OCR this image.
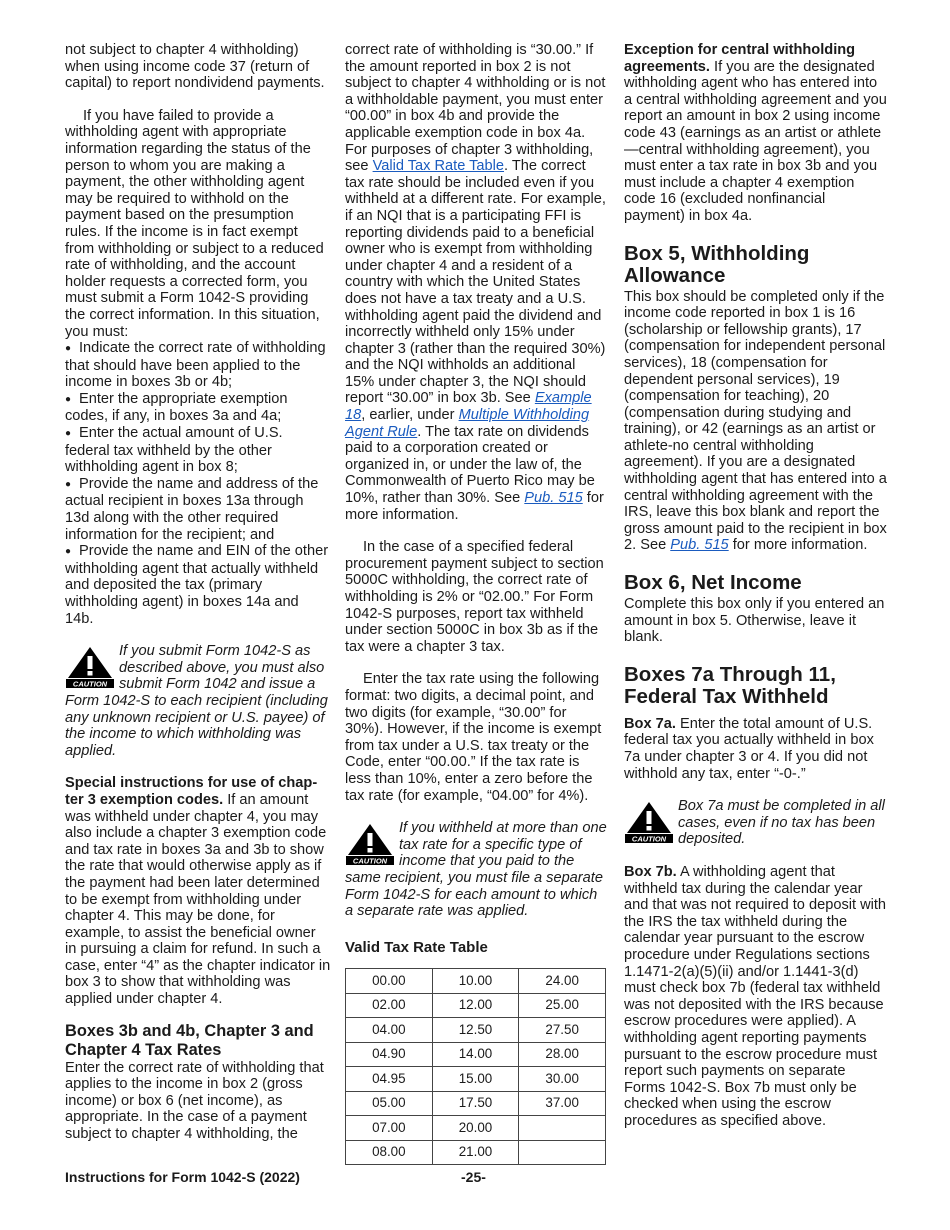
not subject to chapter 4 withholding) when using income code 37 (return of capital) to report nondividend payments.

If you have failed to provide a withholding agent with appropriate information regarding the status of the person to whom you are making a payment, the other withholding agent may be required to withhold on the payment based on the presumption rules. If the income is in fact exempt from withholding or subject to a reduced rate of withholding, and the account holder requests a corrected form, you must submit a Form 1042-S providing the correct information. In this situation, you must:

● Indicate the correct rate of withholding that should have been applied to the income in boxes 3b or 4b;
● Enter the appropriate exemption codes, if any, in boxes 3a and 4a;
● Enter the actual amount of U.S. federal tax withheld by the other withholding agent in box 8;
● Provide the name and address of the actual recipient in boxes 13a through 13d along with the other required information for the recipient; and
● Provide the name and EIN of the other withholding agent that actually withheld and deposited the tax (primary withholding agent) in boxes 14a and 14b.
CAUTION
If you submit Form 1042-S as described above, you must also submit Form 1042 and issue a Form 1042-S to each recipient (including any unknown recipient or U.S. payee) of the income to which withholding was applied.

Special instructions for use of chap-ter 3 exemption codes. If an amount was withheld under chapter 4, you may also include a chapter 3 exemption code and tax rate in boxes 3a and 3b to show the rate that would otherwise apply as if the payment had been later determined to be exempt from withholding under chapter 4. This may be done, for example, to assist the beneficial owner in pursuing a claim for refund. In such a case, enter “4” as the chapter indicator in box 3 to show that withholding was applied under chapter 4.

Boxes 3b and 4b, Chapter 3 and Chapter 4 Tax Rates

Enter the correct rate of withholding that applies to the income in box 2 (gross income) or box 6 (net income), as appropriate. In the case of a payment subject to chapter 4 withholding, the

correct rate of withholding is “30.00.” If the amount reported in box 2 is not subject to chapter 4 withholding or is not a withholdable payment, you must enter “00.00” in box 4b and provide the applicable exemption code in box 4a. For purposes of chapter 3 withholding, see Valid Tax Rate Table. The correct tax rate should be included even if you withheld at a different rate. For example, if an NQI that is a participating FFI is reporting dividends paid to a beneficial owner who is exempt from withholding under chapter 4 and a resident of a country with which the United States does not have a tax treaty and a U.S. withholding agent paid the dividend and incorrectly withheld only 15% under chapter 3 (rather than the required 30%) and the NQI withholds an additional 15% under chapter 3, the NQI should report “30.00” in box 3b. See Example 18, earlier, under Multiple Withholding Agent Rule. The tax rate on dividends paid to a corporation created or organized in, or under the law of, the Commonwealth of Puerto Rico may be 10%, rather than 30%. See Pub. 515 for more information.

In the case of a specified federal procurement payment subject to section 5000C withholding, the correct rate of withholding is 2% or “02.00.” For Form 1042-S purposes, report tax withheld under section 5000C in box 3b as if the tax were a chapter 3 tax.

Enter the tax rate using the following format: two digits, a decimal point, and two digits (for example, “30.00” for 30%). However, if the income is exempt from tax under a U.S. tax treaty or the Code, enter “00.00.” If the tax rate is less than 10%, enter a zero before the tax rate (for example, “04.00” for 4%).

CAUTION
If you withheld at more than one tax rate for a specific type of income that you paid to the same recipient, you must file a separate Form 1042-S for each amount to which a separate rate was applied.
Valid Tax Rate Table
00.00	10.00	24.00
02.00	12.00	25.00
04.00	12.50	27.50
04.90	14.00	28.00
04.95	15.00	30.00
05.00	17.50	37.00
07.00	20.00	
08.00	21.00	

Exception for central withholding agreements. If you are the designated withholding agent who has entered into a central withholding agreement and you report an amount in box 2 using income code 43 (earnings as an artist or athlete—central withholding agreement), you must enter a tax rate in box 3b and you must include a chapter 4 exemption code 16 (excluded nonfinancial payment) in box 4a.

Box 5, Withholding Allowance

This box should be completed only if the income code reported in box 1 is 16 (scholarship or fellowship grants), 17 (compensation for independent personal services), 18 (compensation for dependent personal services), 19 (compensation for teaching), 20 (compensation during studying and training), or 42 (earnings as an artist or athlete-no central withholding agreement). If you are a designated withholding agent that has entered into a central withholding agreement with the IRS, leave this box blank and report the gross amount paid to the recipient in box 2. See Pub. 515 for more information.

Box 6, Net Income

Complete this box only if you entered an amount in box 5. Otherwise, leave it blank.

Boxes 7a Through 11, Federal Tax Withheld

Box 7a. Enter the total amount of U.S. federal tax you actually withheld in box 7a under chapter 3 or 4. If you did not withhold any tax, enter “-0-.”

CAUTION
Box 7a must be completed in all cases, even if no tax has been deposited.

Box 7b. A withholding agent that withheld tax during the calendar year and that was not required to deposit with the IRS the tax withheld during the calendar year pursuant to the escrow procedure under Regulations sections 1.1471-2(a)(5)(ii) and/or 1.1441-3(d) must check box 7b (federal tax withheld was not deposited with the IRS because escrow procedures were applied). A withholding agent reporting payments pursuant to the escrow procedure must report such payments on separate Forms 1042-S. Box 7b must only be checked when using the escrow procedures as specified above.

Instructions for Form 1042-S (2022)	-25-
